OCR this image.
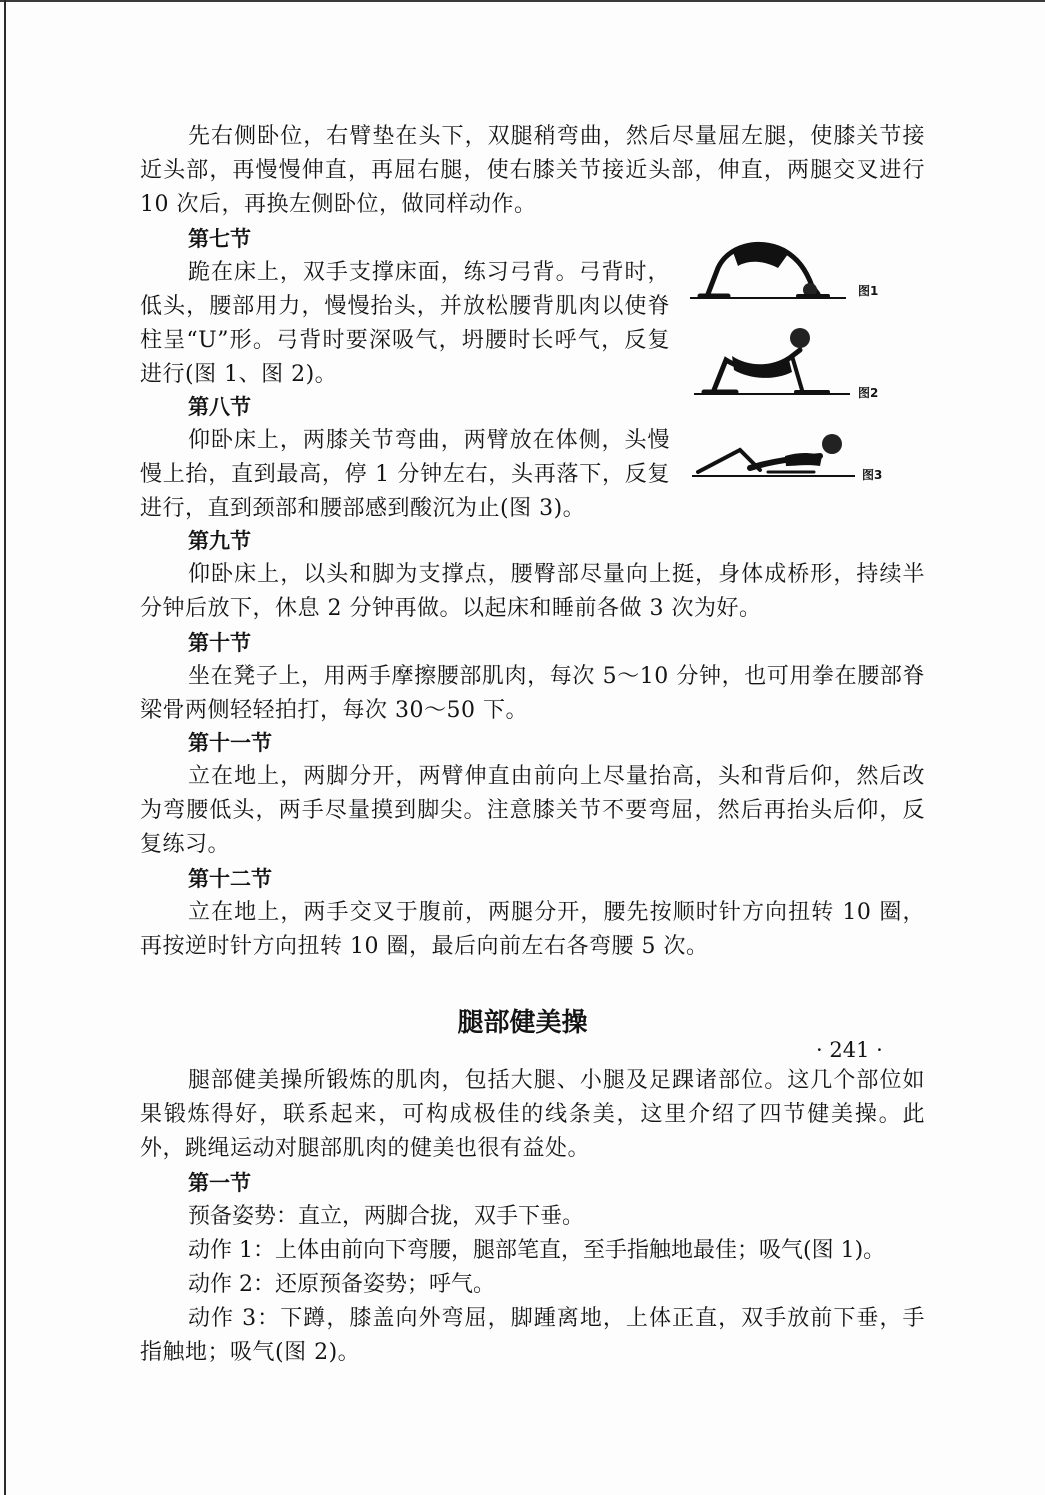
先右侧卧位，右臂垫在头下，双腿稍弯曲，然后尽量屈左腿，使膝关节接近头部，再慢慢伸直，再屈右腿，使右膝关节接近头部，伸直，两腿交叉进行 10 次后，再换左侧卧位，做同样动作。

第七节

跪在床上，双手支撑床面，练习弓背。弓背时，低头，腰部用力，慢慢抬头，并放松腰背肌肉以使脊柱呈“U”形。弓背时要深吸气，坍腰时长呼气，反复进行(图 1、图 2)。

第八节

仰卧床上，两膝关节弯曲，两臂放在体侧，头慢慢上抬，直到最高，停 1 分钟左右，头再落下，反复进行，直到颈部和腰部感到酸沉为止(图 3)。

图1
图2
图3
第九节

仰卧床上，以头和脚为支撑点，腰臀部尽量向上挺，身体成桥形，持续半分钟后放下，休息 2 分钟再做。以起床和睡前各做 3 次为好。

第十节

坐在凳子上，用两手摩擦腰部肌肉，每次 5～10 分钟，也可用拳在腰部脊梁骨两侧轻轻拍打，每次 30～50 下。

第十一节

立在地上，两脚分开，两臂伸直由前向上尽量抬高，头和背后仰，然后改为弯腰低头，两手尽量摸到脚尖。注意膝关节不要弯屈，然后再抬头后仰，反复练习。

第十二节

立在地上，两手交叉于腹前，两腿分开，腰先按顺时针方向扭转 10 圈，再按逆时针方向扭转 10 圈，最后向前左右各弯腰 5 次。

腿部健美操

腿部健美操所锻炼的肌肉，包括大腿、小腿及足踝诸部位。这几个部位如果锻炼得好，联系起来，可构成极佳的线条美，这里介绍了四节健美操。此外，跳绳运动对腿部肌肉的健美也很有益处。

第一节
预备姿势：直立，两脚合拢，双手下垂。
动作 1：上体由前向下弯腰，腿部笔直，至手指触地最佳；吸气(图 1)。
动作 2：还原预备姿势；呼气。

动作 3：下蹲，膝盖向外弯屈，脚踵离地，上体正直，双手放前下垂，手指触地；吸气(图 2)。

· 241 ·
